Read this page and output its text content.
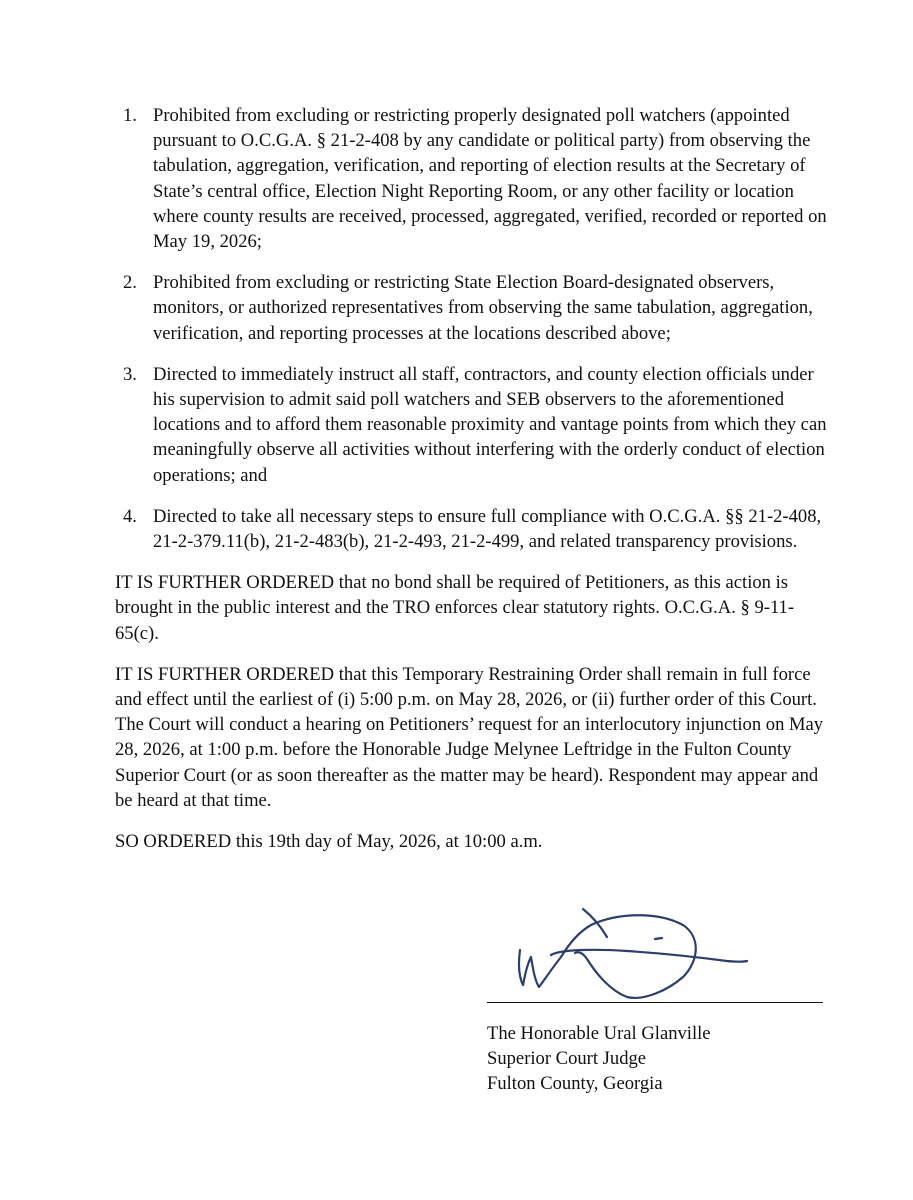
1. Prohibited from excluding or restricting properly designated poll watchers (appointed pursuant to O.C.G.A. § 21-2-408 by any candidate or political party) from observing the tabulation, aggregation, verification, and reporting of election results at the Secretary of State’s central office, Election Night Reporting Room, or any other facility or location where county results are received, processed, aggregated, verified, recorded or reported on May 19, 2026;
2. Prohibited from excluding or restricting State Election Board-designated observers, monitors, or authorized representatives from observing the same tabulation, aggregation, verification, and reporting processes at the locations described above;
3. Directed to immediately instruct all staff, contractors, and county election officials under his supervision to admit said poll watchers and SEB observers to the aforementioned locations and to afford them reasonable proximity and vantage points from which they can meaningfully observe all activities without interfering with the orderly conduct of election operations; and
4. Directed to take all necessary steps to ensure full compliance with O.C.G.A. §§ 21-2-408, 21-2-379.11(b), 21-2-483(b), 21-2-493, 21-2-499, and related transparency provisions.

IT IS FURTHER ORDERED that no bond shall be required of Petitioners, as this action is brought in the public interest and the TRO enforces clear statutory rights. O.C.G.A. § 9-11-65(c).

IT IS FURTHER ORDERED that this Temporary Restraining Order shall remain in full force and effect until the earliest of (i) 5:00 p.m. on May 28, 2026, or (ii) further order of this Court. The Court will conduct a hearing on Petitioners’ request for an interlocutory injunction on May 28, 2026, at 1:00 p.m. before the Honorable Judge Melynee Leftridge in the Fulton County Superior Court (or as soon thereafter as the matter may be heard). Respondent may appear and be heard at that time.

SO ORDERED this 19th day of May, 2026, at 10:00 a.m.

The Honorable Ural Glanville
Superior Court Judge
Fulton County, Georgia
